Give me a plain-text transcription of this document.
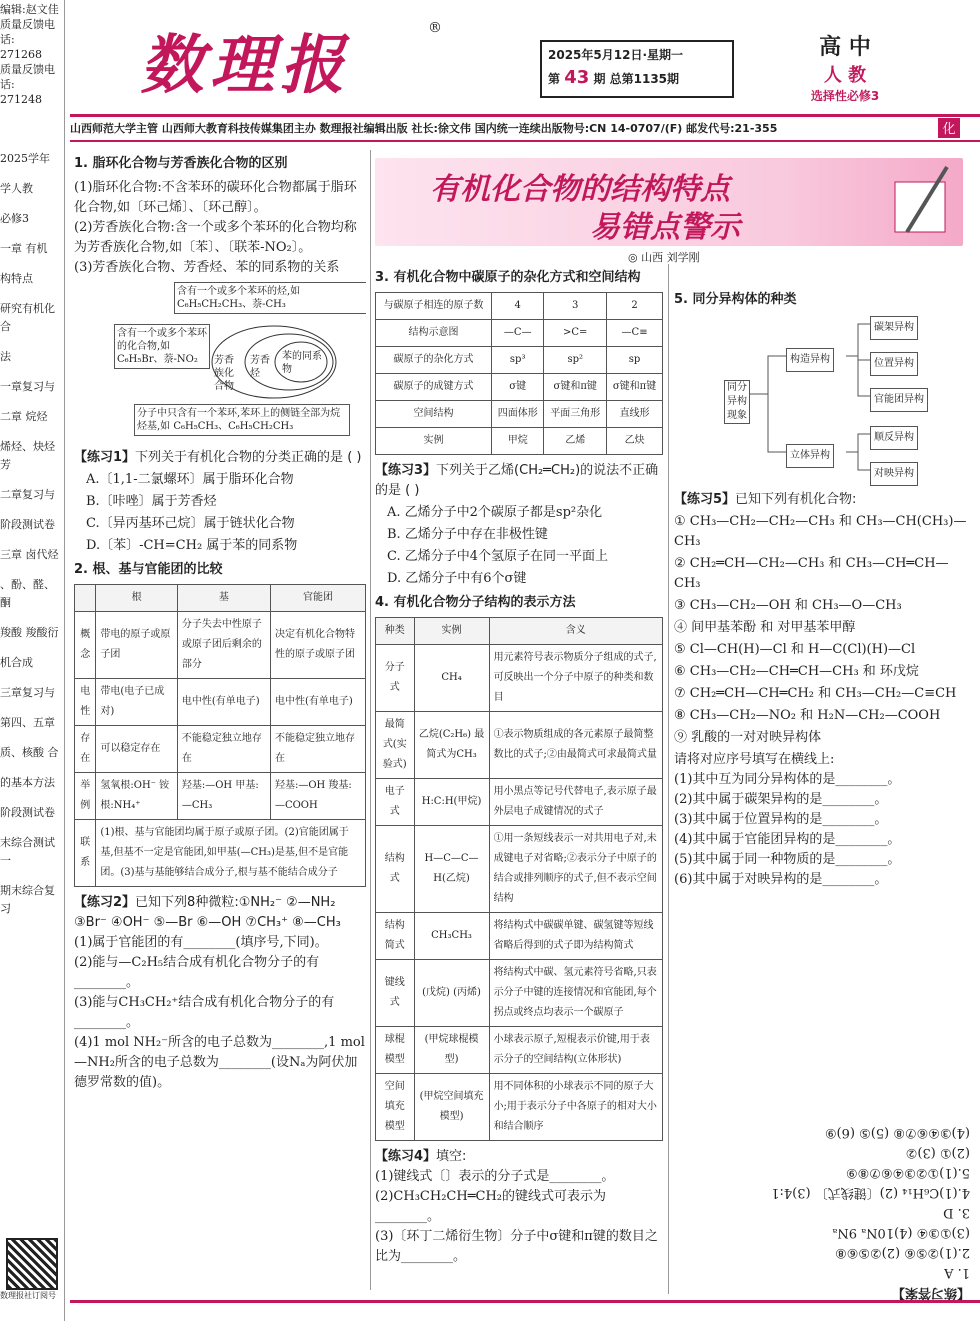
编辑:赵文佳
质量反馈电话:
271268
质量反馈电话:
271248
2025学年
学人教
必修3
一章 有机
构特点
研究有机化合
法
一章复习与
二章 烷烃
烯烃、炔烃 芳
二章复习与
阶段测试卷
三章 卤代烃
、酚、醛、酮
羧酸 羧酸衍
机合成
三章复习与
第四、五章
质、核酸 合
的基本方法
阶段测试卷
末综合测试一
期末综合复习
数理报社订阅号
数理报
®
2025年5月12日·星期一
第 43 期 总第1135期
高 中
人 教
选择性必修3
山西师范大学主管 山西师大教育科技传媒集团主办 数理报社编辑出版 社长:徐文伟 国内统一连续出版物号:CN 14-0707/(F) 邮发代号:21-355	化
有机化合物的结构特点
易错点警示
◎ 山西 刘学刚
1. 脂环化合物与芳香族化合物的区别
(1)脂环化合物:不含苯环的碳环化合物都属于脂环化合物,如〔环己烯〕、〔环己醇〕。
(2)芳香族化合物:含一个或多个苯环的化合物均称为芳香族化合物,如〔苯〕、〔联苯-NO₂〕。
(3)芳香族化合物、芳香烃、苯的同系物的关系
含有一个或多个苯环的烃,如 C₆H₅CH₂CH₃、萘-CH₃
含有一个或多个苯环的化合物,如 C₆H₅Br、萘-NO₂	芳香族化合物
芳香烃
苯的同系物
分子中只含有一个苯环,苯环上的侧链全部为烷烃基,如 C₆H₅CH₃、C₆H₅CH₂CH₃
【练习1】下列关于有机化合物的分类正确的是 ( )
A.〔1,1-二氯螺环〕属于脂环化合物
B.〔咔唑〕属于芳香烃
C.〔异丙基环己烷〕属于链状化合物
D.〔苯〕-CH=CH₂ 属于苯的同系物
2. 根、基与官能团的比较
	根	基	官能团
概念	带电的原子或原子团	分子失去中性原子或原子团后剩余的部分	决定有机化合物特性的原子或原子团
电性	带电(电子已成对)	电中性(有单电子)	电中性(有单电子)
存在	可以稳定存在	不能稳定独立地存在	不能稳定独立地存在
举例	氢氧根:OH⁻ 铵根:NH₄⁺	羟基:—OH 甲基:—CH₃	羟基:—OH 羧基:—COOH
联系	(1)根、基与官能团均属于原子或原子团。(2)官能团属于基,但基不一定是官能团,如甲基(—CH₃)是基,但不是官能团。(3)基与基能够结合成分子,根与基不能结合成分子		
【练习2】已知下列8种微粒:①NH₂⁻ ②—NH₂ ③Br⁻ ④OH⁻ ⑤—Br ⑥—OH ⑦CH₃⁺ ⑧—CH₃
(1)属于官能团的有________(填序号,下同)。
(2)能与—C₂H₅结合成有机化合物分子的有________。
(3)能与CH₃CH₂⁺结合成有机化合物分子的有________。
(4)1 mol NH₂⁻所含的电子总数为________,1 mol —NH₂所含的电子总数为________(设Nₐ为阿伏加德罗常数的值)。
3. 有机化合物中碳原子的杂化方式和空间结构
与碳原子相连的原子数	4	3	2
结构示意图	—C—	>C=	—C≡
碳原子的杂化方式	sp³	sp²	sp
碳原子的成键方式	σ键	σ键和π键	σ键和π键
空间结构	四面体形	平面三角形	直线形
实例	甲烷	乙烯	乙炔
【练习3】下列关于乙烯(CH₂═CH₂)的说法不正确的是 ( )
A. 乙烯分子中2个碳原子都是sp²杂化
B. 乙烯分子中存在非极性键
C. 乙烯分子中4个氢原子在同一平面上
D. 乙烯分子中有6个σ键
4. 有机化合物分子结构的表示方法
种类	实例	含义
分子式	CH₄	用元素符号表示物质分子组成的式子,可反映出一个分子中原子的种类和数目
最简式(实验式)	乙烷(C₂H₆) 最简式为CH₃	①表示物质组成的各元素原子最简整数比的式子;②由最简式可求最简式量
电子式	H:C:H(甲烷)	用小黑点等记号代替电子,表示原子最外层电子成键情况的式子
结构式	H—C—C—H(乙烷)	①用一条短线表示一对共用电子对,未成键电子对省略;②表示分子中原子的结合或排列顺序的式子,但不表示空间结构
结构简式	CH₃CH₃	将结构式中碳碳单键、碳氢键等短线省略后得到的式子即为结构简式
键线式	(戊烷) (丙烯)	将结构式中碳、氢元素符号省略,只表示分子中键的连接情况和官能团,每个拐点或终点均表示一个碳原子
球棍模型	(甲烷球棍模型)	小球表示原子,短棍表示价键,用于表示分子的空间结构(立体形状)
空间填充模型	(甲烷空间填充模型)	用不同体积的小球表示不同的原子大小;用于表示分子中各原子的相对大小和结合顺序
【练习4】填空:
(1)键线式〔〕表示的分子式是________。
(2)CH₃CH₂CH═CH₂的键线式可表示为________。
(3)〔环丁二烯衍生物〕分子中σ键和π键的数目之比为________。
5. 同分异构体的种类
同分异构现象
构造异构
立体异构
碳架异构
位置异构
官能团异构
顺反异构
对映异构
【练习5】已知下列有机化合物:
① CH₃—CH₂—CH₂—CH₃ 和 CH₃—CH(CH₃)—CH₃
② CH₂═CH—CH₂—CH₃ 和 CH₃—CH═CH—CH₃
③ CH₃—CH₂—OH 和 CH₃—O—CH₃
④ 间甲基苯酚 和 对甲基苯甲醇
⑤ Cl—CH(H)—Cl 和 H—C(Cl)(H)—Cl
⑥ CH₃—CH₂—CH═CH—CH₃ 和 环戊烷
⑦ CH₂═CH—CH═CH₂ 和 CH₃—CH₂—C≡CH
⑧ CH₃—CH₂—NO₂ 和 H₂N—CH₂—COOH
⑨ 乳酸的一对对映异构体
请将对应序号填写在横线上:
(1)其中互为同分异构体的是________。
(2)其中属于碳架异构的是________。
(3)其中属于位置异构的是________。
(4)其中属于官能团异构的是________。
(5)其中属于同一种物质的是________。
(6)其中属于对映异构的是________。
【练习答案】
1. A
2.(1)②⑤⑥ (2)②⑤⑥⑧
(3)①③④ (4)10Nₐ 9Nₐ
3. D
4.(1)C₆H₁₄ (2)〔键线式〕 (3)4:1
5.(1)①②③④⑥⑦⑧⑨
(2)① (3)②
(4)③④⑥⑦⑧ (5)⑤ (6)⑨
